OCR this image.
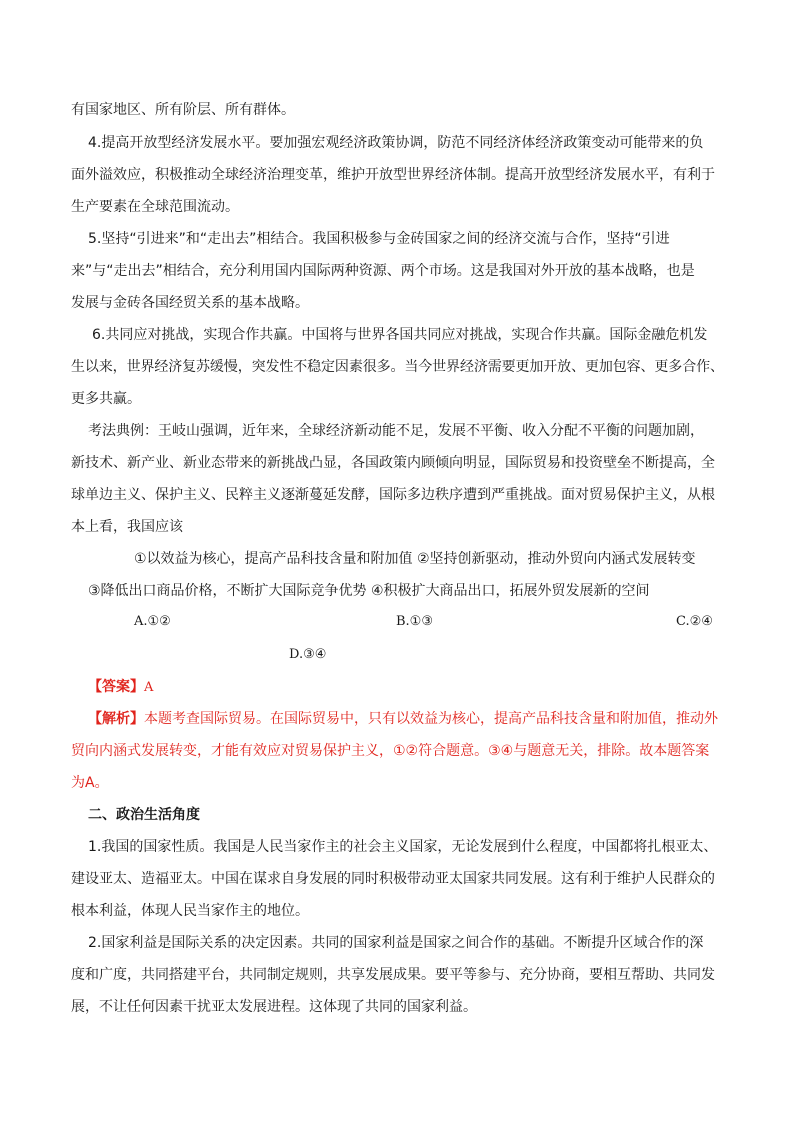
有国家地区、所有阶层、所有群体。
4.提高开放型经济发展水平。要加强宏观经济政策协调，防范不同经济体经济政策变动可能带来的负
面外溢效应，积极推动全球经济治理变革，维护开放型世界经济体制。提高开放型经济发展水平，有利于
生产要素在全球范围流动。
5.坚持“引进来”和“走出去”相结合。我国积极参与金砖国家之间的经济交流与合作，坚持“引进
来”与“走出去”相结合，充分利用国内国际两种资源、两个市场。这是我国对外开放的基本战略，也是
发展与金砖各国经贸关系的基本战略。
6.共同应对挑战，实现合作共赢。中国将与世界各国共同应对挑战，实现合作共赢。国际金融危机发
生以来，世界经济复苏缓慢，突发性不稳定因素很多。当今世界经济需要更加开放、更加包容、更多合作、
更多共赢。
考法典例：王岐山强调，近年来，全球经济新动能不足，发展不平衡、收入分配不平衡的问题加剧，
新技术、新产业、新业态带来的新挑战凸显，各国政策内顾倾向明显，国际贸易和投资壁垒不断提高，全
球单边主义、保护主义、民粹主义逐渐蔓延发酵，国际多边秩序遭到严重挑战。面对贸易保护主义，从根
本上看，我国应该
①以效益为核心，提高产品科技含量和附加值 ②坚持创新驱动，推动外贸向内涵式发展转变
③降低出口商品价格，不断扩大国际竞争优势 ④积极扩大商品出口，拓展外贸发展新的空间
A.①②	B.①③	C.②④
D.③④
【答案】A
【解析】本题考查国际贸易。在国际贸易中，只有以效益为核心，提高产品科技含量和附加值，推动外
贸向内涵式发展转变，才能有效应对贸易保护主义，①②符合题意。③④与题意无关，排除。故本题答案
为A。
二、政治生活角度
1.我国的国家性质。我国是人民当家作主的社会主义国家，无论发展到什么程度，中国都将扎根亚太、
建设亚太、造福亚太。中国在谋求自身发展的同时积极带动亚太国家共同发展。这有利于维护人民群众的
根本利益，体现人民当家作主的地位。
2.国家利益是国际关系的决定因素。共同的国家利益是国家之间合作的基础。不断提升区域合作的深
度和广度，共同搭建平台，共同制定规则，共享发展成果。要平等参与、充分协商，要相互帮助、共同发
展，不让任何因素干扰亚太发展进程。这体现了共同的国家利益。
